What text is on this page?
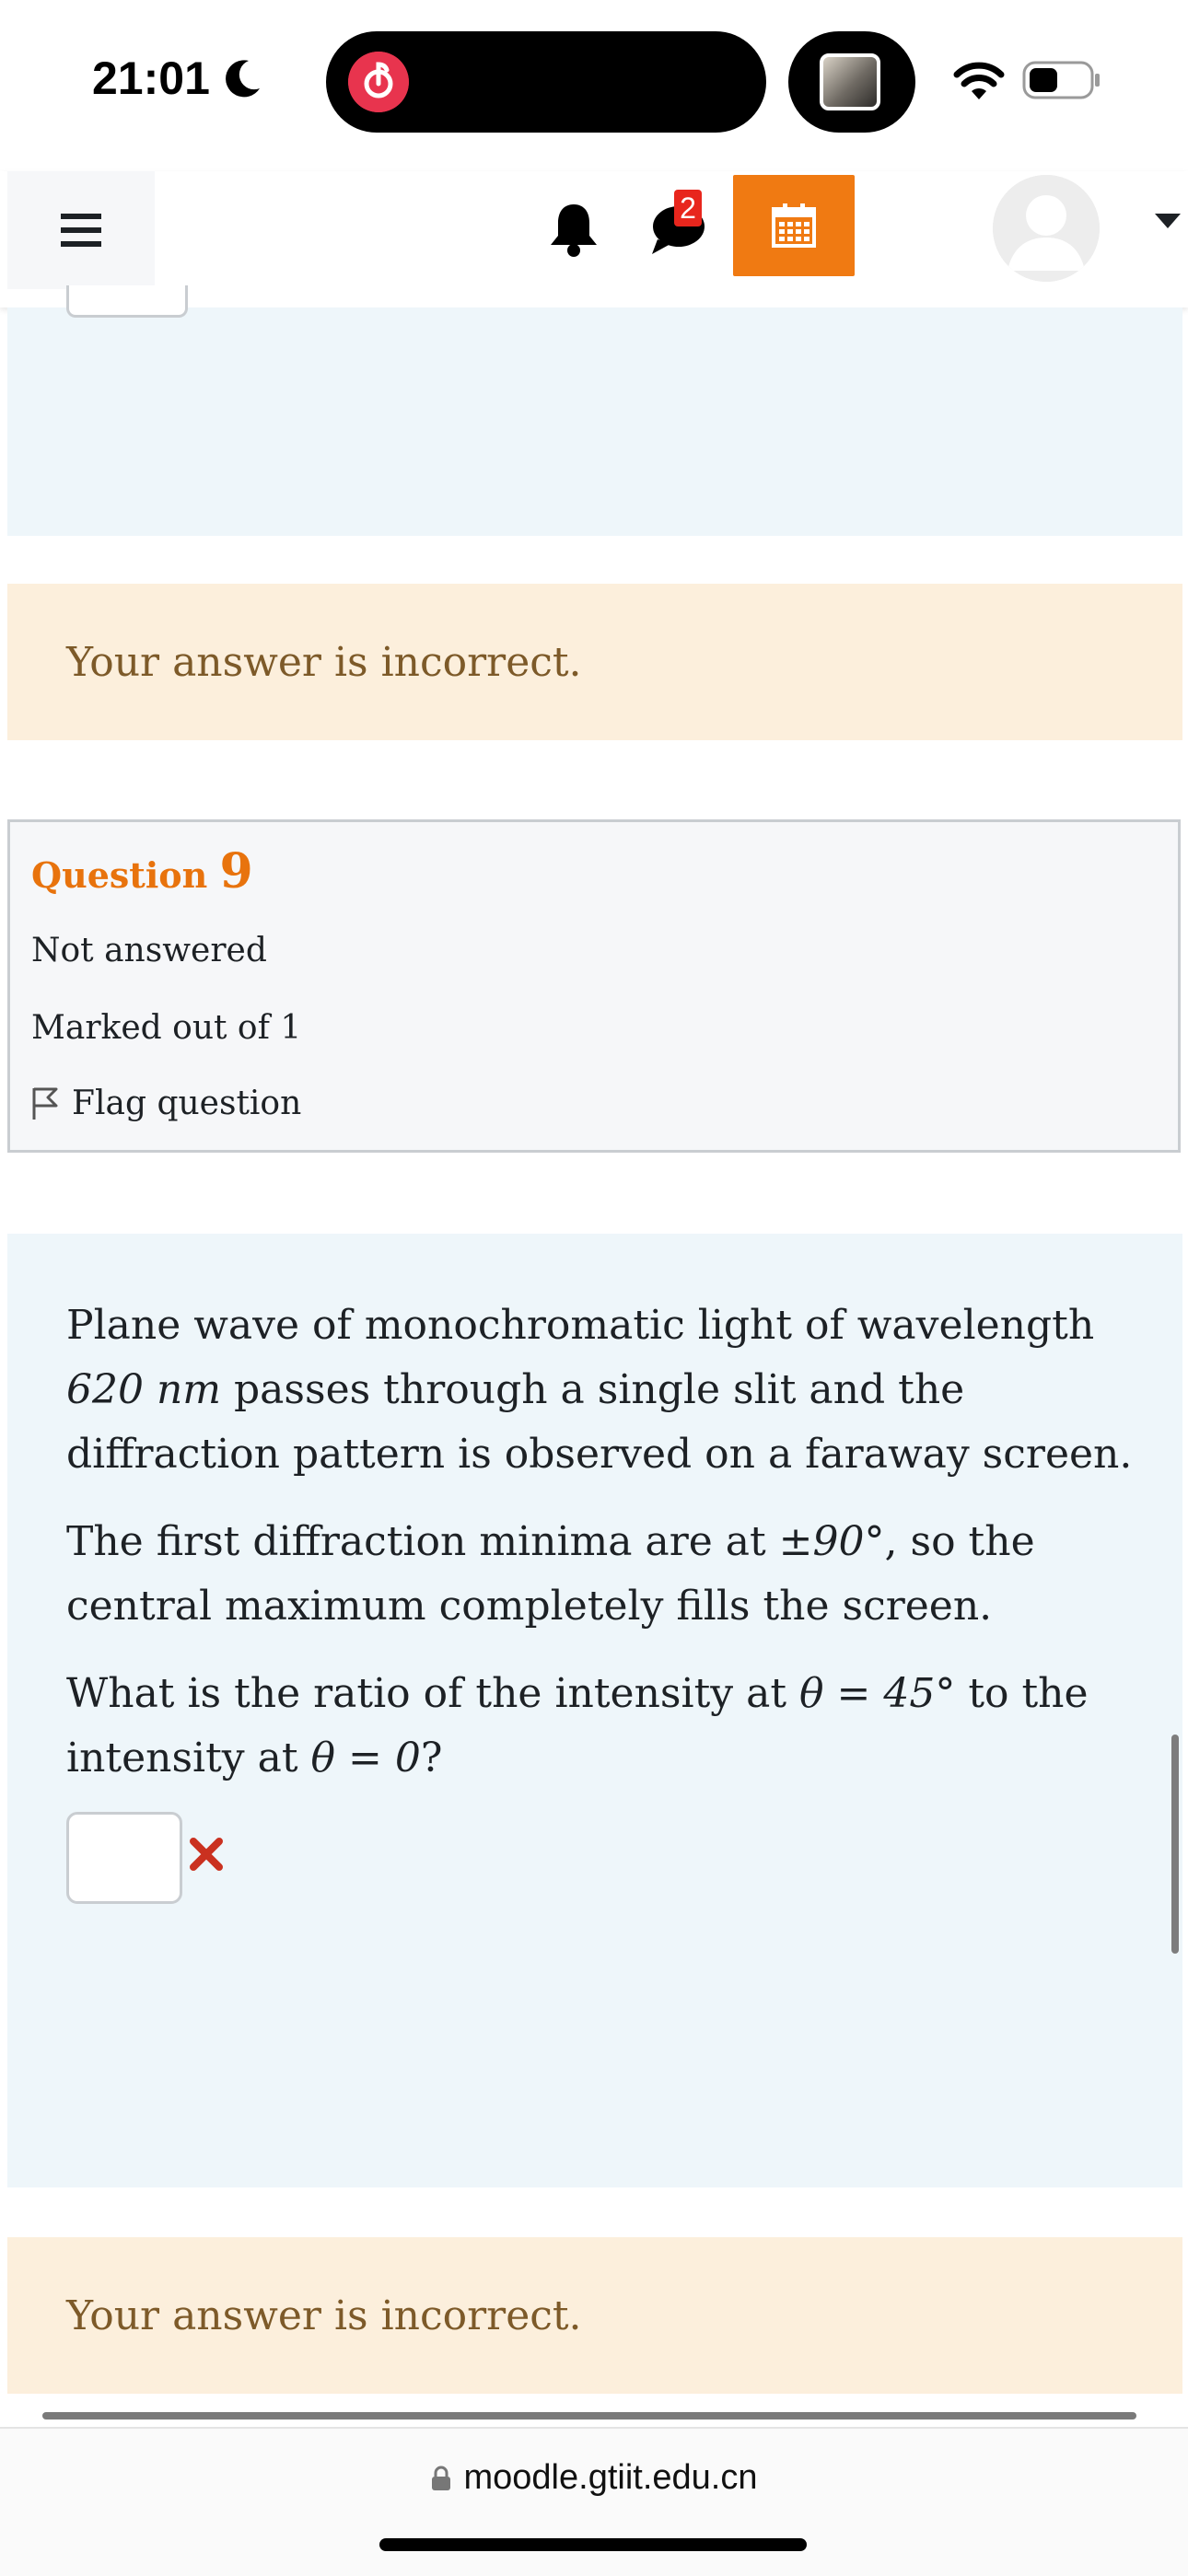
21:01
2
Your answer is incorrect.
Question 9
Not answered
Marked out of 1
Flag question
Plane wave of monochromatic light of wavelength 620 nm passes through a single slit and the diffraction pattern is observed on a faraway screen.
The first diffraction minima are at ±90°, so the central maximum completely fills the screen.
What is the ratio of the intensity at θ = 45° to the intensity at θ = 0?
Your answer is incorrect.
moodle.gtiit.edu.cn
